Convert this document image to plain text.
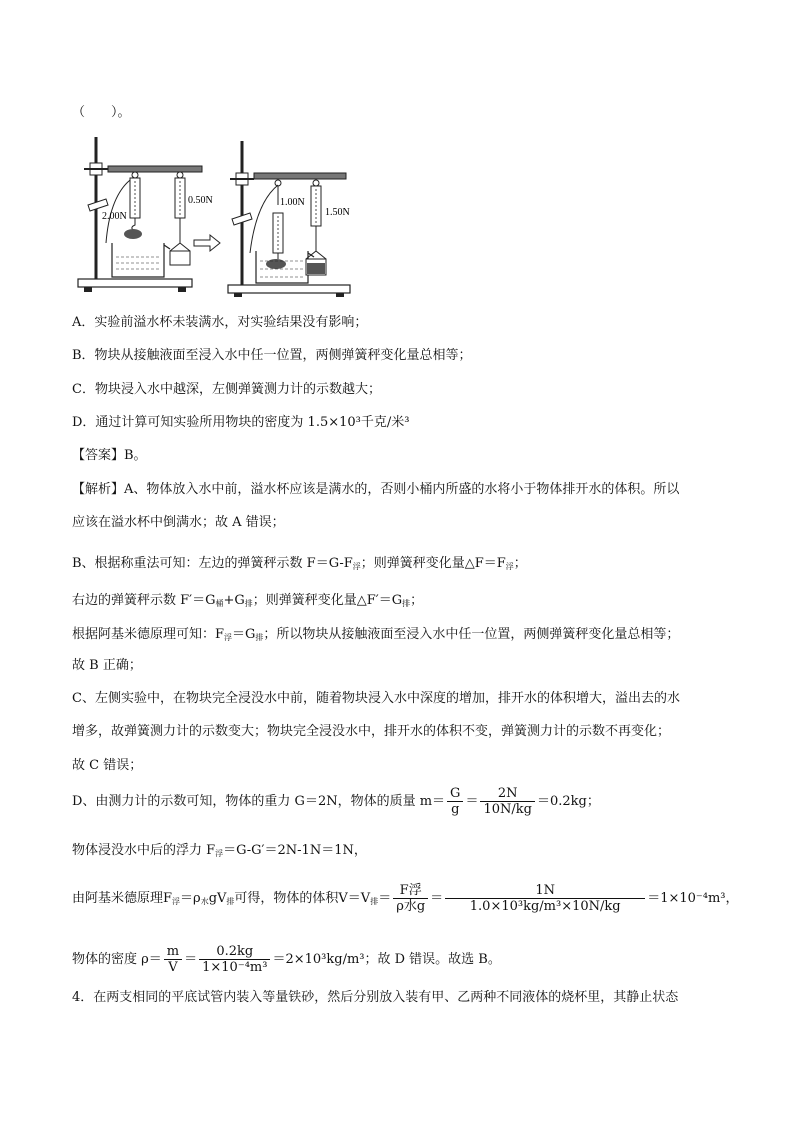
（　　）。
2.00N
0.50N	1.00N
1.50N
A．实验前溢水杯未装满水，对实验结果没有影响；
B．物块从接触液面至浸入水中任一位置，两侧弹簧秤变化量总相等；
C．物块浸入水中越深，左侧弹簧测力计的示数越大；
D．通过计算可知实验所用物块的密度为 1.5×10³千克/米³
【答案】B。
【解析】A、物体放入水中前，溢水杯应该是满水的，否则小桶内所盛的水将小于物体排开水的体积。所以
应该在溢水杯中倒满水；故 A 错误；
B、根据称重法可知：左边的弹簧秤示数 $F=G-F_浮$；则弹簧秤变化量$\triangle F=F_浮$；
右边的弹簧秤示数 $F'=G_桶+G_排$；则弹簧秤变化量$\triangle F'=G_排$；
根据阿基米德原理可知：$F_浮=G_排$；所以物块从接触液面至浸入水中任一位置，两侧弹簧秤变化量总相等；
故 B 正确；
C、左侧实验中，在物块完全浸没水中前，随着物块浸入水中深度的增加，排开水的体积增大，溢出去的水
增多，故弹簧测力计的示数变大；物块完全浸没水中，排开水的体积不变，弹簧测力计的示数不再变化；
故 C 错误；
D、由测力计的示数可知，物体的重力 G＝2N，物体的质量 $m= \frac{G}{g} = \frac{2N}{10N/kg} =0.2kg$；
物体浸没水中后的浮力 $F_浮=G-G'=2N-1N=1N$，
由阿基米德原理$F_浮=\rho_水gV_排$可得，物体的体积$V=V_排= \frac{\text{F浮}}{\text{ρ水g}} = \frac{1N}{\text{1.0×10³kg/m³×10N/kg}} =1\times 10^{-4}m^3$，
物体的密度 $\rho= \frac{m}{V} = \frac{0.2kg}{\text{1×10⁻⁴m³}} =2\times 10^3kg/m^3$；故 D 错误。故选 B。
4．在两支相同的平底试管内装入等量铁砂，然后分别放入装有甲、乙两种不同液体的烧杯里，其静止状态
